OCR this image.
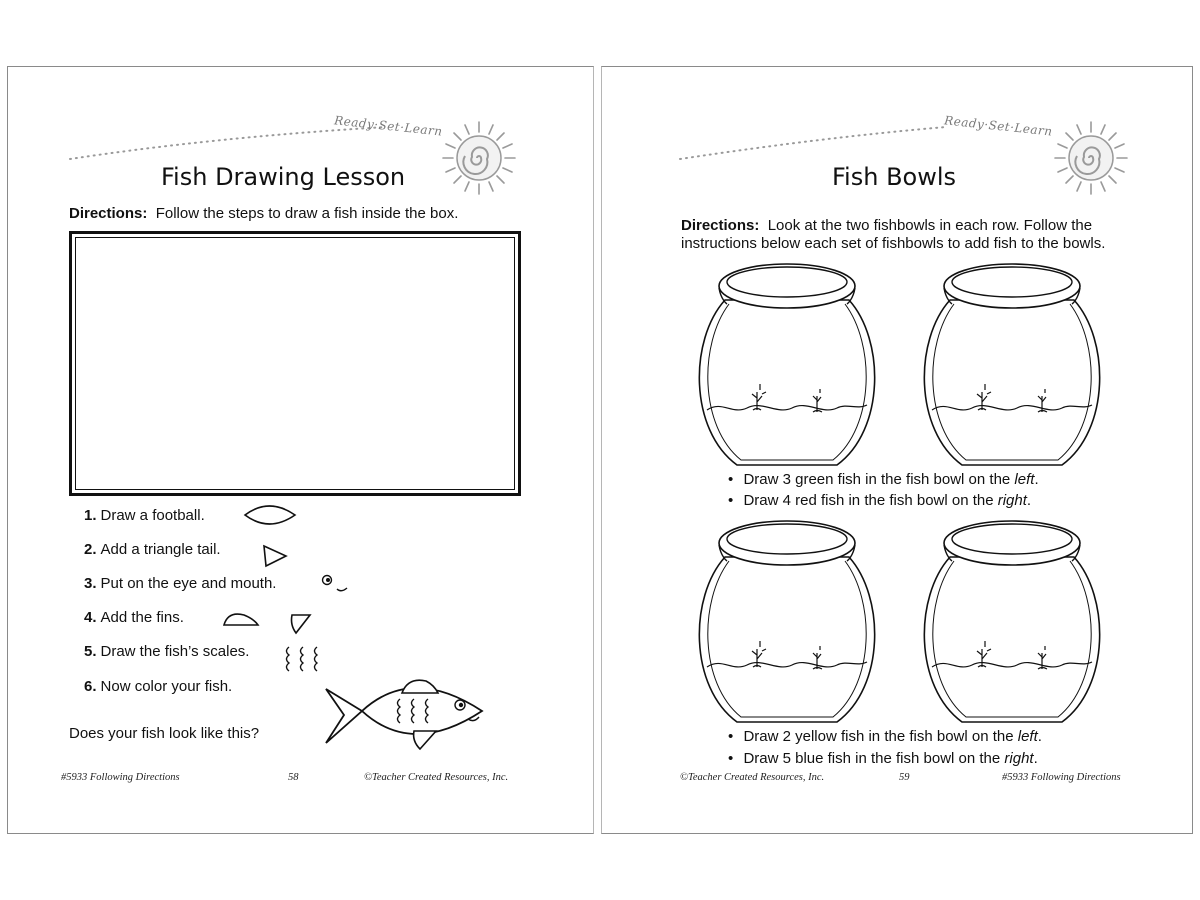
Ready·Set·Learn
Fish Drawing Lesson
Directions: Follow the steps to draw a fish inside the box.
1. Draw a football.
2. Add a triangle tail.
3. Put on the eye and mouth.
4. Add the fins.
5. Draw the fish’s scales.
6. Now color your fish.
Does your fish look like this?
#5933 Following Directions	58	©Teacher Created Resources, Inc.
Ready·Set·Learn
Fish Bowls
Directions: Look at the two fishbowls in each row. Follow the
instructions below each set of fishbowls to add fish to the bowls.
• Draw 3 green fish in the fish bowl on the left.
• Draw 4 red fish in the fish bowl on the right.
• Draw 2 yellow fish in the fish bowl on the left.
• Draw 5 blue fish in the fish bowl on the right.
©Teacher Created Resources, Inc.	59	#5933 Following Directions
